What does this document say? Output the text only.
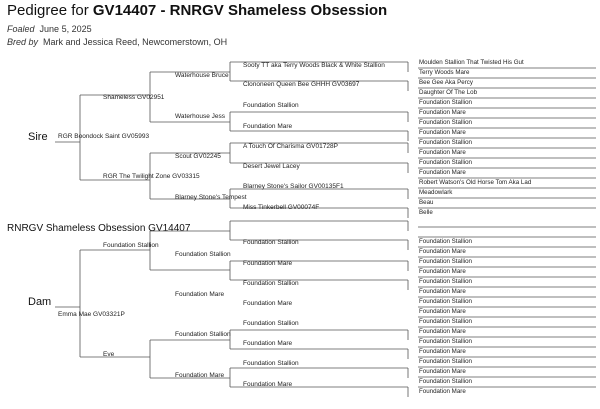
Pedigree for GV14407 - RNRGV Shameless Obsession
Foaled June 5, 2025
Bred by Mark and Jessica Reed, Newcomerstown, OH
Sire
Dam
RNRGV Shameless Obsession GV14407
RGR Boondock Saint GV05993
Shameless GV02951
RGR The Twilight Zone GV03315
Waterhouse Bruce
Waterhouse Jess
Scout GV02245
Blarney Stone's Tempest
Sooty TT aka Terry Woods Black & White Stallion
Clononeen Queen Bee GHHH GV03697
Foundation Stallion
Foundation Mare
A Touch Of Charisma GV01728P
Desert Jewel Lacey
Blarney Stone's Sailor GV00135F1
Miss Tinkerbell GV00074F
Emma Mae GV03321P
Foundation Stallion
Eve
Foundation Stallion
Foundation Mare
Foundation Stallion
Foundation Mare
Foundation Stallion
Foundation Mare
Foundation Stallion
Foundation Mare
Foundation Stallion
Foundation Mare
Foundation Stallion
Foundation Mare
Moulden Stallion That Twisted His Gut
Terry Woods Mare
Bee Gee Aka Percy
Daughter Of The Lob
Foundation Stallion
Foundation Mare
Foundation Stallion
Foundation Mare
Foundation Stallion
Foundation Mare
Foundation Stallion
Foundation Mare
Robert Watson's Old Horse Tom Aka Lad
Meadowlark
Beau
Belle
Foundation Stallion
Foundation Mare
Foundation Stallion
Foundation Mare
Foundation Stallion
Foundation Mare
Foundation Stallion
Foundation Mare
Foundation Stallion
Foundation Mare
Foundation Stallion
Foundation Mare
Foundation Stallion
Foundation Mare
Foundation Stallion
Foundation Mare
